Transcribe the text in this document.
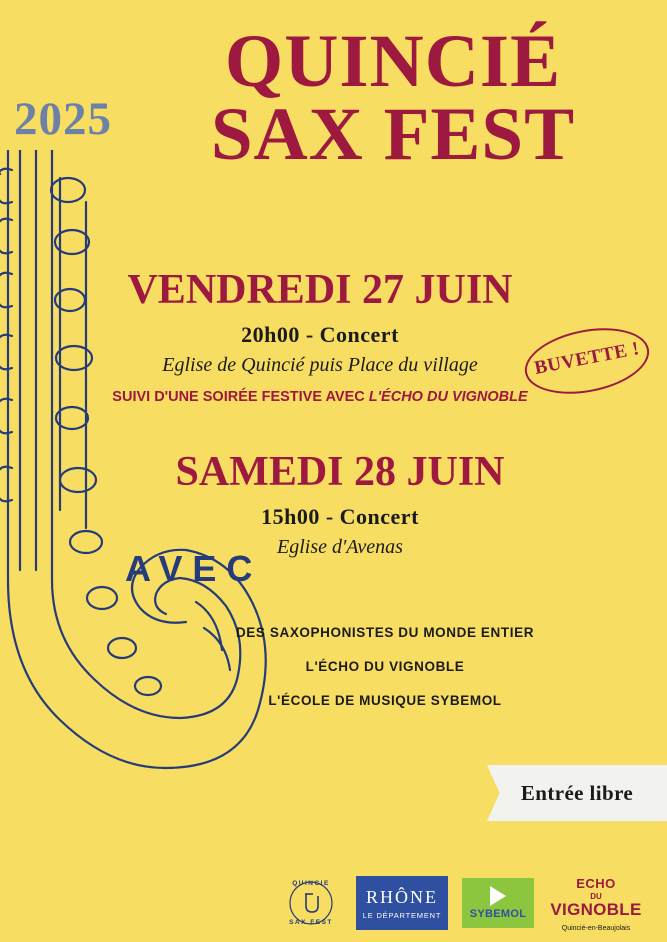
2025
QUINCIÉ
SAX FEST
VENDREDI 27 JUIN
20h00 - Concert
Eglise de Quincié puis Place du village
SUIVI D'UNE SOIRÉE FESTIVE AVEC L'ÉCHO DU VIGNOBLE
BUVETTE !
SAMEDI 28 JUIN
15h00 - Concert
Eglise d'Avenas
AVEC
DES SAXOPHONISTES DU MONDE ENTIER
L'ÉCHO DU VIGNOBLE
L'ÉCOLE DE MUSIQUE SYBEMOL
Entrée libre
QUINCIE
SAX FEST
RHÔNE
LE DÉPARTEMENT	SYBEMOL
ECHO
DU
VIGNOBLE
Quincié-en-Beaujolais
